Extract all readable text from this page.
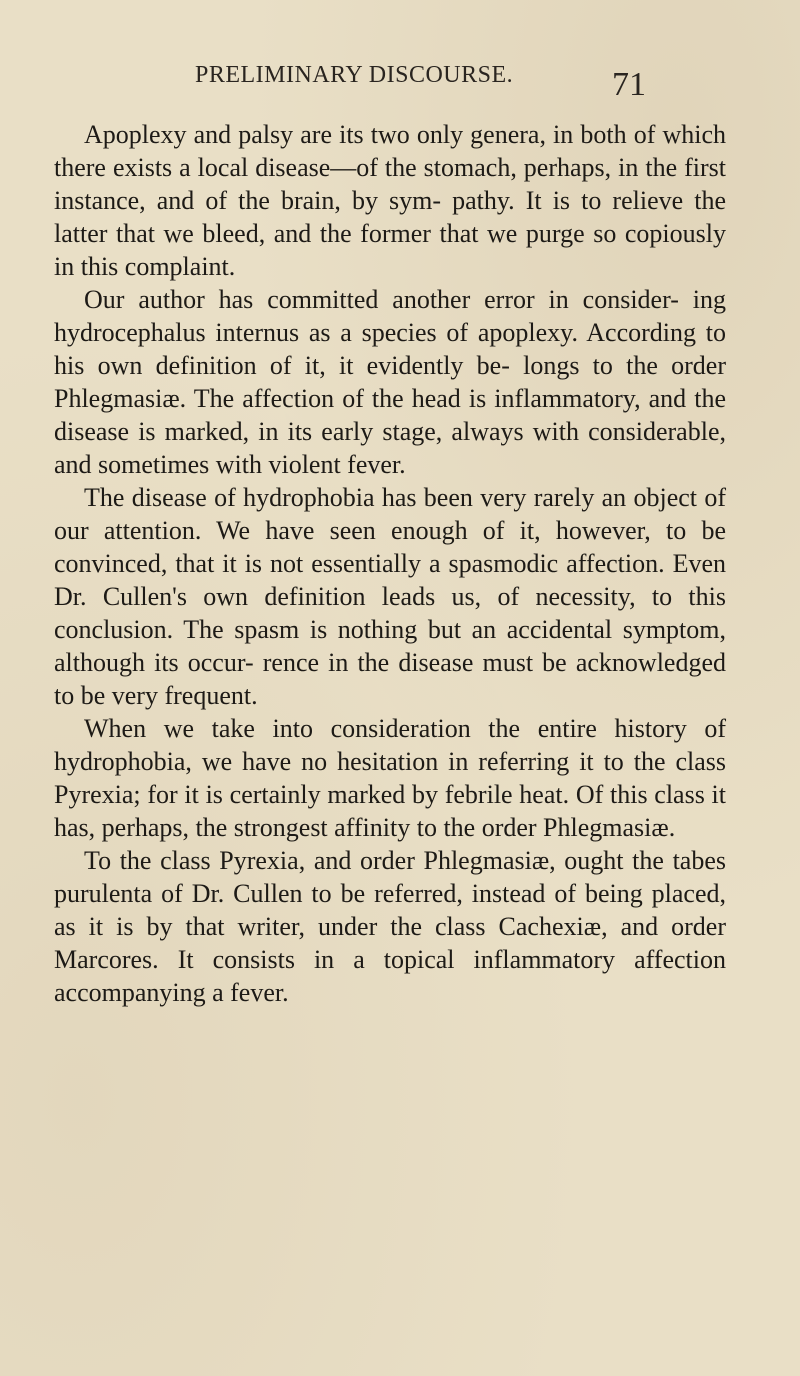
PRELIMINARY DISCOURSE.	71

Apoplexy and palsy are its two only genera, in both of which there exists a local disease—of the stomach, perhaps, in the first instance, and of the brain, by sym- pathy. It is to relieve the latter that we bleed, and the former that we purge so copiously in this complaint.

Our author has committed another error in consider- ing hydrocephalus internus as a species of apoplexy. According to his own definition of it, it evidently be- longs to the order Phlegmasiæ. The affection of the head is inflammatory, and the disease is marked, in its early stage, always with considerable, and sometimes with violent fever.

The disease of hydrophobia has been very rarely an object of our attention. We have seen enough of it, however, to be convinced, that it is not essentially a spasmodic affection. Even Dr. Cullen's own definition leads us, of necessity, to this conclusion. The spasm is nothing but an accidental symptom, although its occur- rence in the disease must be acknowledged to be very frequent.

When we take into consideration the entire history of hydrophobia, we have no hesitation in referring it to the class Pyrexia; for it is certainly marked by febrile heat. Of this class it has, perhaps, the strongest affinity to the order Phlegmasiæ.

To the class Pyrexia, and order Phlegmasiæ, ought the tabes purulenta of Dr. Cullen to be referred, instead of being placed, as it is by that writer, under the class Cachexiæ, and order Marcores. It consists in a topical inflammatory affection accompanying a fever.
